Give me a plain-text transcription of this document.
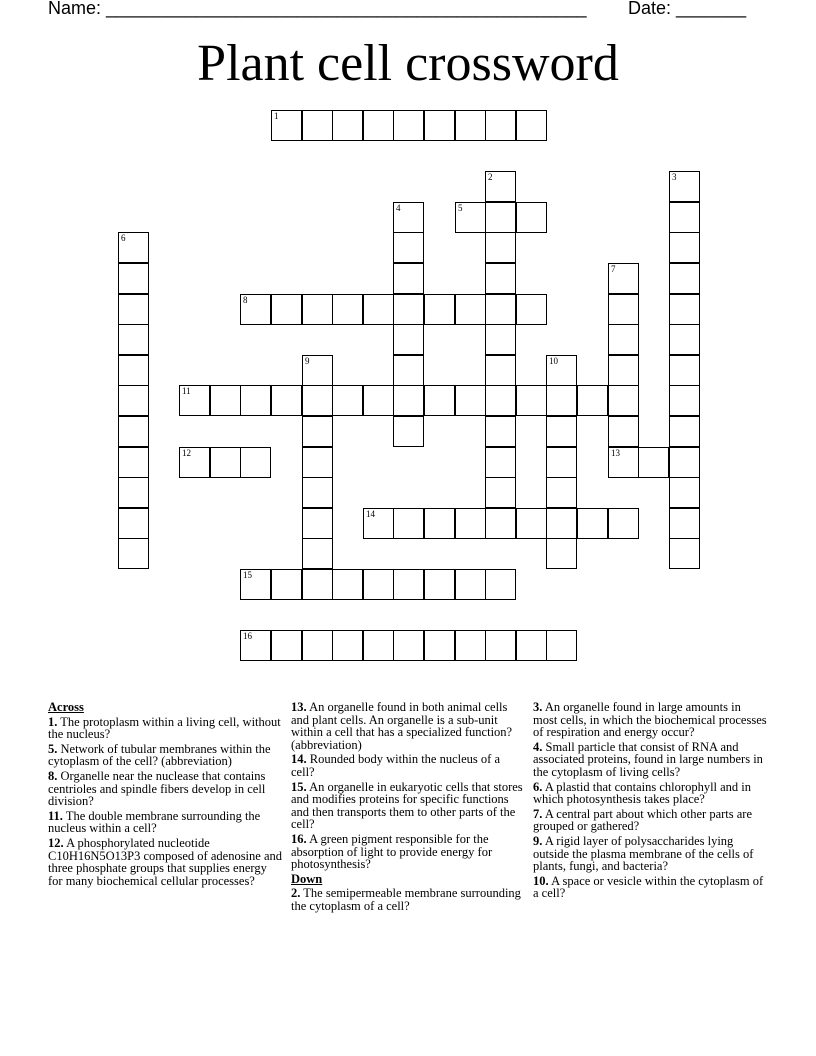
Name: ________________________________________________ Date: _______
Plant cell crossword
1
5
8
11
12	13
14
15
16
2	3
4
6
7
9	10
Across
1. The protoplasm within a living cell, without the nucleus?
5. Network of tubular membranes within the cytoplasm of the cell? (abbreviation)
8. Organelle near the nuclease that contains centrioles and spindle fibers develop in cell division?
11. The double membrane surrounding the nucleus within a cell?
12. A phosphorylated nucleotide C10H16N5O13P3 composed of adenosine and three phosphate groups that supplies energy for many biochemical cellular processes?
13. An organelle found in both animal cells and plant cells. An organelle is a sub-unit within a cell that has a specialized function? (abbreviation)
14. Rounded body within the nucleus of a cell?
15. An organelle in eukaryotic cells that stores and modifies proteins for specific functions and then transports them to other parts of the cell?
16. A green pigment responsible for the absorption of light to provide energy for photosynthesis?
Down
2. The semipermeable membrane surrounding the cytoplasm of a cell?
3. An organelle found in large amounts in most cells, in which the biochemical processes of respiration and energy occur?
4. Small particle that consist of RNA and associated proteins, found in large numbers in the cytoplasm of living cells?
6. A plastid that contains chlorophyll and in which photosynthesis takes place?
7. A central part about which other parts are grouped or gathered?
9. A rigid layer of polysaccharides lying outside the plasma membrane of the cells of plants, fungi, and bacteria?
10. A space or vesicle within the cytoplasm of a cell?
